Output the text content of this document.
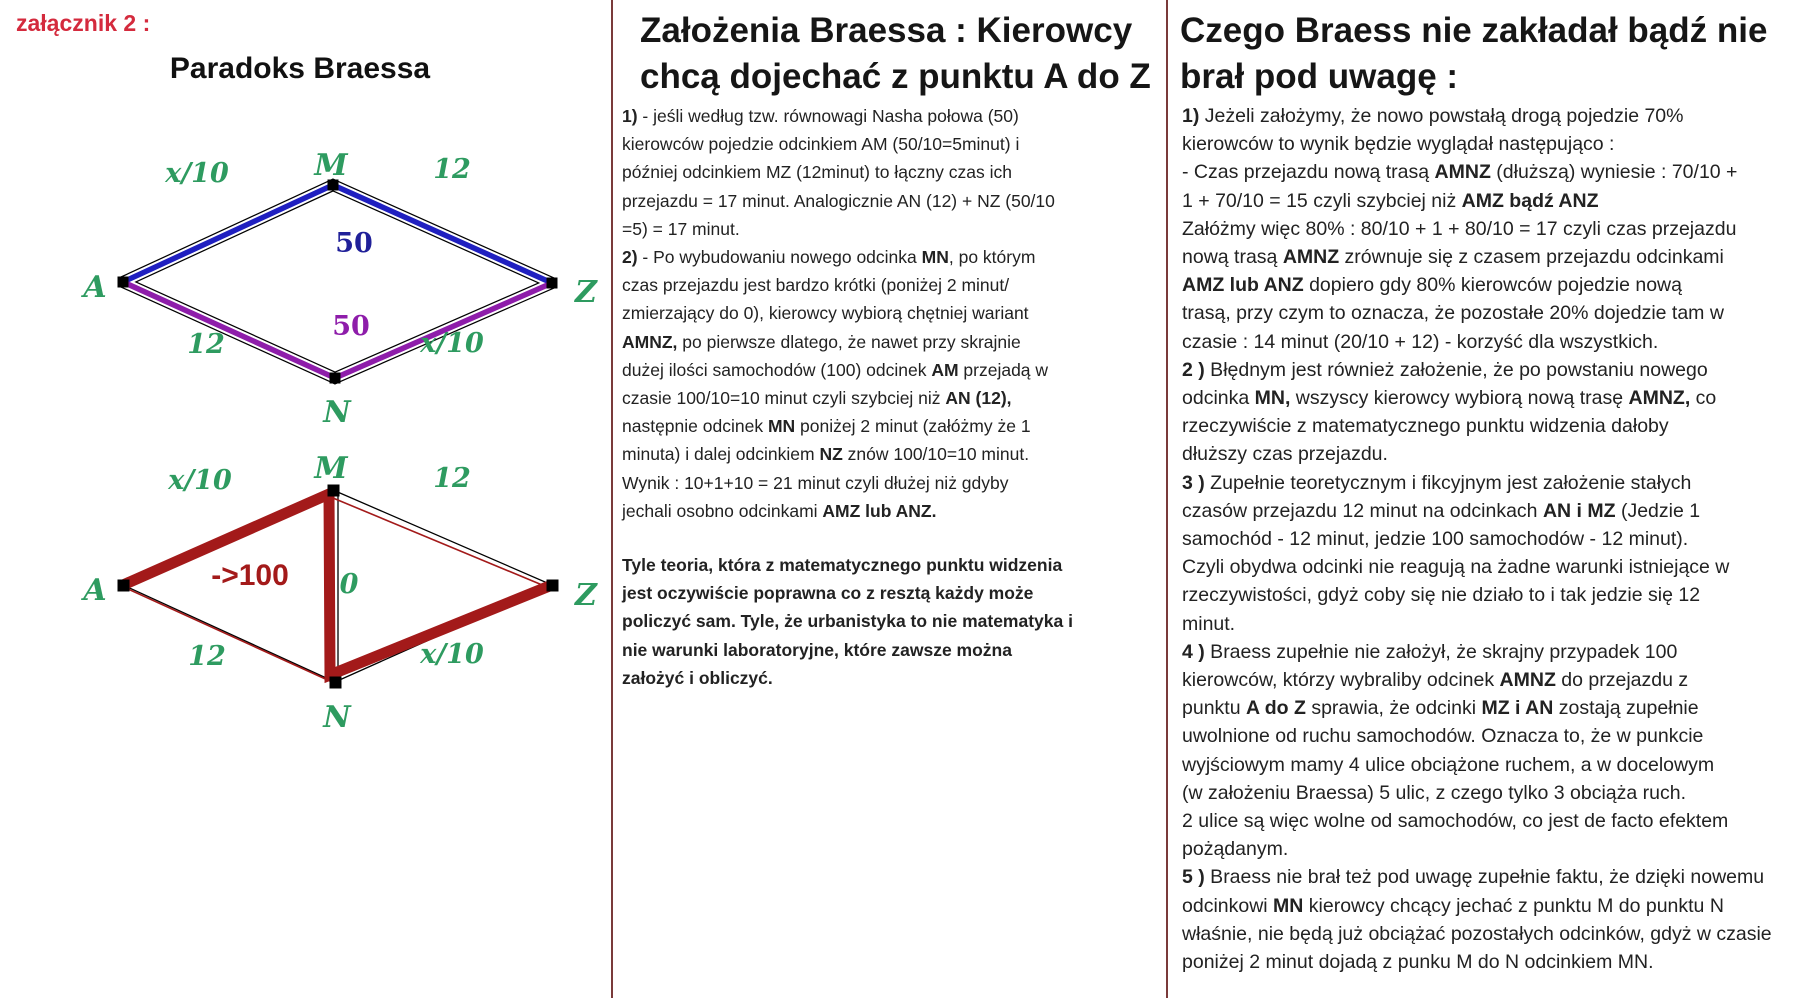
załącznik 2 :
Paradoks Braessa
M
A	Z
N
x/10	12
12	x/10
50
50
M
A	Z
N
x/10	12
0
12	x/10
->100
Założenia Braessa : Kierowcy
chcą dojechać z punktu A do Z

1) - jeśli według tzw. równowagi Nasha połowa (50)
kierowców pojedzie odcinkiem AM (50/10=5minut) i
później odcinkiem MZ (12minut) to łączny czas ich
przejazdu = 17 minut. Analogicznie AN (12) + NZ (50/10
=5) = 17 minut.

2) - Po wybudowaniu nowego odcinka MN, po którym
czas przejazdu jest bardzo krótki (poniżej 2 minut/
zmierzający do 0), kierowcy wybiorą chętniej wariant
AMNZ, po pierwsze dlatego, że nawet przy skrajnie
dużej ilości samochodów (100) odcinek AM przejadą w
czasie 100/10=10 minut czyli szybciej niż AN (12),
następnie odcinek MN poniżej 2 minut (załóżmy że 1
minuta) i dalej odcinkiem NZ znów 100/10=10 minut.
Wynik : 10+1+10 = 21 minut czyli dłużej niż gdyby
jechali osobno odcinkami AMZ lub ANZ.

Tyle teoria, która z matematycznego punktu widzenia
jest oczywiście poprawna co z resztą każdy może
policzyć sam. Tyle, że urbanistyka to nie matematyka i
nie warunki laboratoryjne, które zawsze można
założyć i obliczyć.

Czego Braess nie zakładał bądź nie
brał pod uwagę :

1) Jeżeli założymy, że nowo powstałą drogą pojedzie 70%
kierowców to wynik będzie wyglądał następująco :
- Czas przejazdu nową trasą AMNZ (dłuższą) wyniesie : 70/10 +
1 + 70/10 = 15 czyli szybciej niż AMZ bądź ANZ
Załóżmy więc 80% : 80/10 + 1 + 80/10 = 17 czyli czas przejazdu
nową trasą AMNZ zrównuje się z czasem przejazdu odcinkami
AMZ lub ANZ dopiero gdy 80% kierowców pojedzie nową
trasą, przy czym to oznacza, że pozostałe 20% dojedzie tam w
czasie : 14 minut (20/10 + 12) - korzyść dla wszystkich.

2 ) Błędnym jest również założenie, że po powstaniu nowego
odcinka MN, wszyscy kierowcy wybiorą nową trasę AMNZ, co
rzeczywiście z matematycznego punktu widzenia dałoby
dłuższy czas przejazdu.

3 ) Zupełnie teoretycznym i fikcyjnym jest założenie stałych
czasów przejazdu 12 minut na odcinkach AN i MZ (Jedzie 1
samochód - 12 minut, jedzie 100 samochodów - 12 minut).
Czyli obydwa odcinki nie reagują na żadne warunki istniejące w
rzeczywistości, gdyż coby się nie działo to i tak jedzie się 12
minut.

4 ) Braess zupełnie nie założył, że skrajny przypadek 100
kierowców, którzy wybraliby odcinek AMNZ do przejazdu z
punktu A do Z sprawia, że odcinki MZ i AN zostają zupełnie
uwolnione od ruchu samochodów. Oznacza to, że w punkcie
wyjściowym mamy 4 ulice obciążone ruchem, a w docelowym
(w założeniu Braessa) 5 ulic, z czego tylko 3 obciąża ruch.
2 ulice są więc wolne od samochodów, co jest de facto efektem
pożądanym.

5 ) Braess nie brał też pod uwagę zupełnie faktu, że dzięki nowemu
odcinkowi MN kierowcy chcący jechać z punktu M do punktu N
właśnie, nie będą już obciążać pozostałych odcinków, gdyż w czasie
poniżej 2 minut dojadą z punku M do N odcinkiem MN.
